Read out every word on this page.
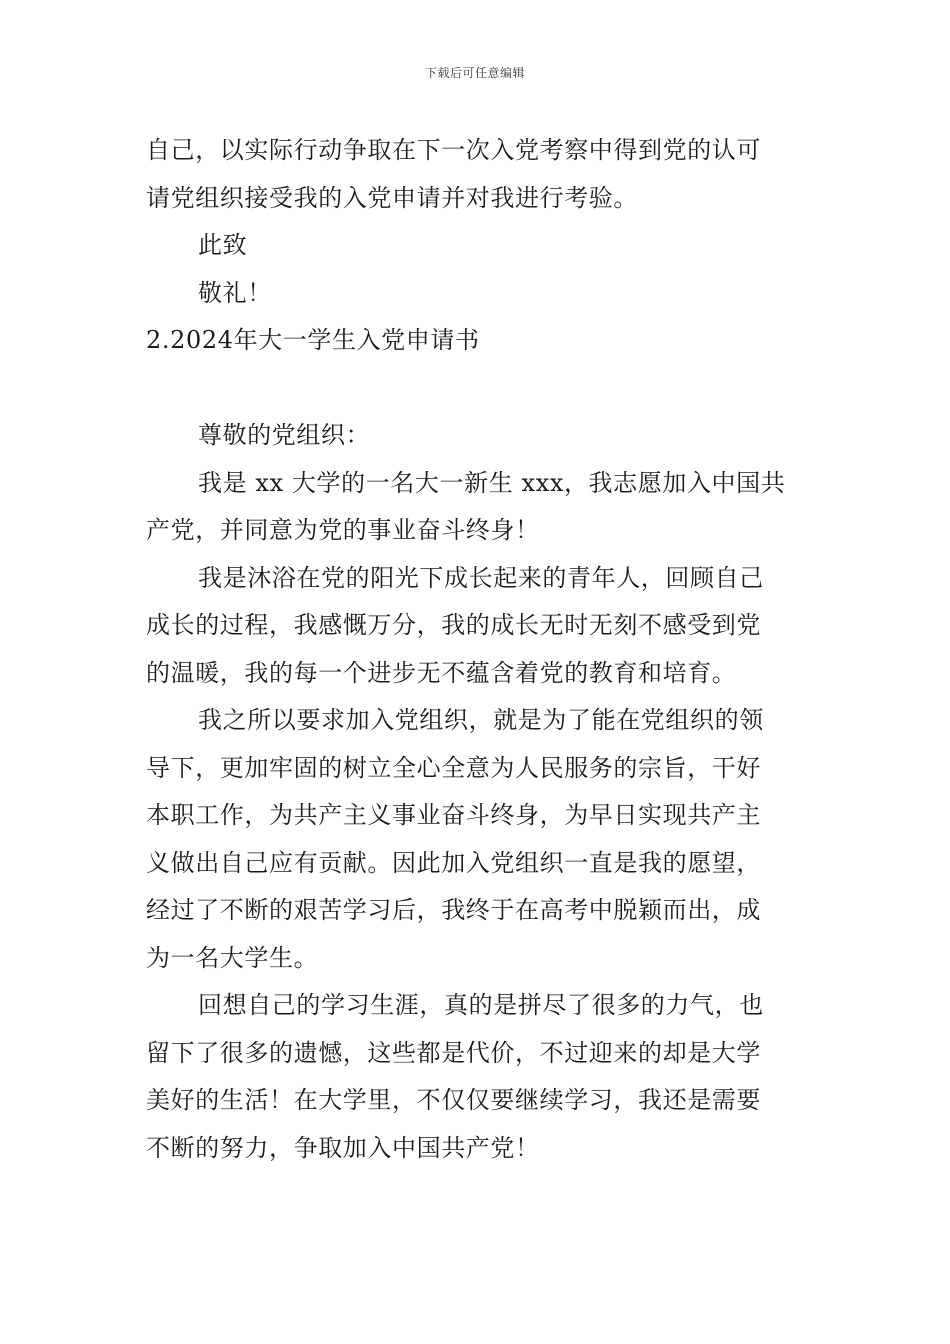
下载后可任意编辑
自己，以实际行动争取在下一次入党考察中得到党的认可
请党组织接受我的入党申请并对我进行考验。
此致
敬礼！
2.2024年大一学生入党申请书
尊敬的党组织：
我是 xx 大学的一名大一新生 xxx，我志愿加入中国共
产党，并同意为党的事业奋斗终身！
我是沐浴在党的阳光下成长起来的青年人，回顾自己
成长的过程，我感慨万分，我的成长无时无刻不感受到党
的温暖，我的每一个进步无不蕴含着党的教育和培育。
我之所以要求加入党组织，就是为了能在党组织的领
导下，更加牢固的树立全心全意为人民服务的宗旨，干好
本职工作，为共产主义事业奋斗终身，为早日实现共产主
义做出自己应有贡献。因此加入党组织一直是我的愿望，
经过了不断的艰苦学习后，我终于在高考中脱颖而出，成
为一名大学生。
回想自己的学习生涯，真的是拼尽了很多的力气，也
留下了很多的遗憾，这些都是代价，不过迎来的却是大学
美好的生活！在大学里，不仅仅要继续学习，我还是需要
不断的努力，争取加入中国共产党！
